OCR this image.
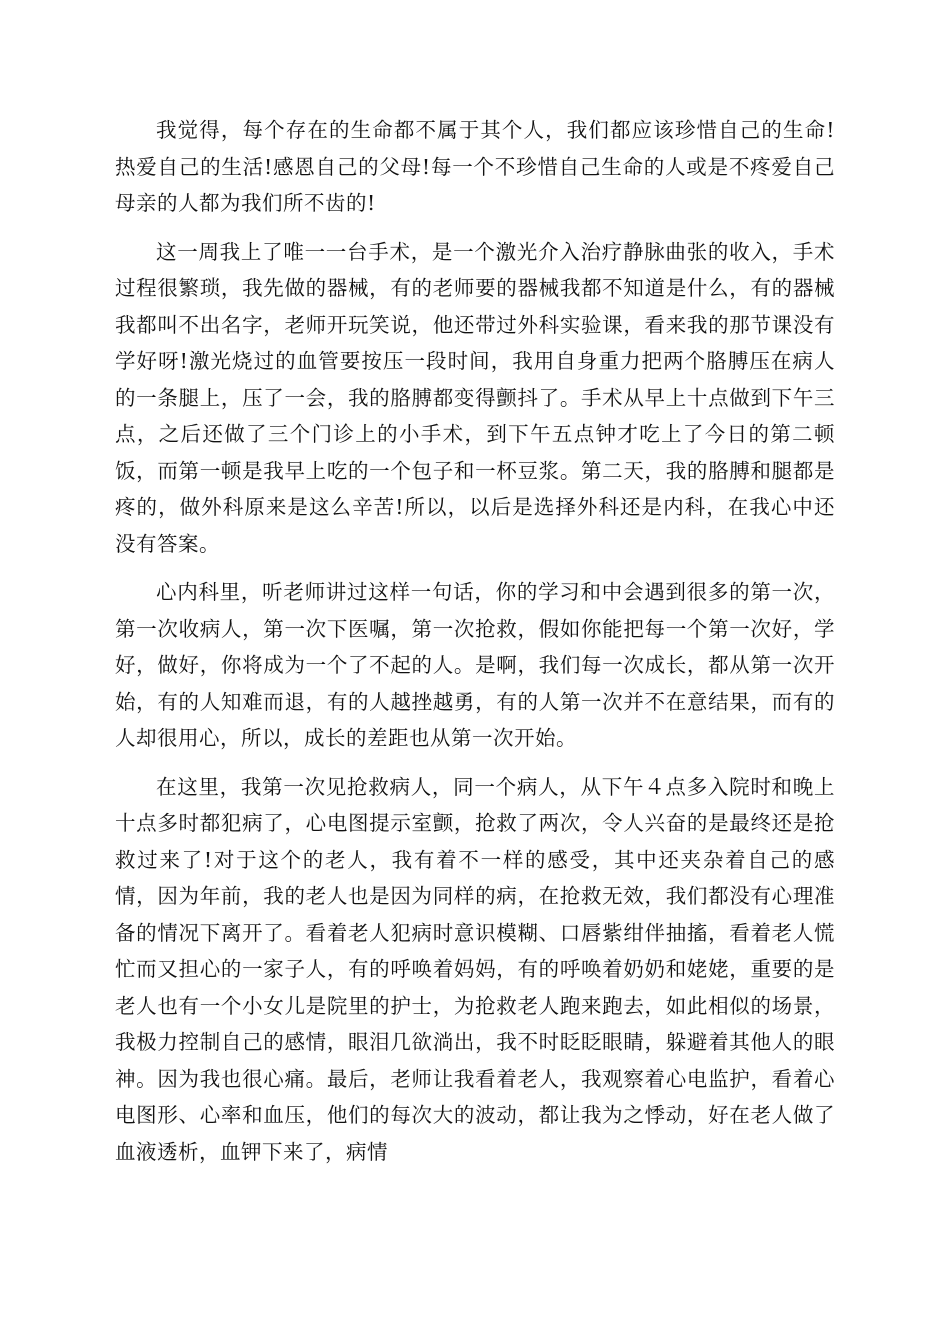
我觉得，每个存在的生命都不属于其个人，我们都应该珍惜自己的生命!热爱自己的生活!感恩自己的父母!每一个不珍惜自己生命的人或是不疼爱自己母亲的人都为我们所不齿的!

这一周我上了唯一一台手术，是一个激光介入治疗静脉曲张的收入，手术过程很繁琐，我先做的器械，有的老师要的器械我都不知道是什么，有的器械我都叫不出名字，老师开玩笑说，他还带过外科实验课，看来我的那节课没有学好呀!激光烧过的血管要按压一段时间，我用自身重力把两个胳膊压在病人的一条腿上，压了一会，我的胳膊都变得颤抖了。手术从早上十点做到下午三点，之后还做了三个门诊上的小手术，到下午五点钟才吃上了今日的第二顿饭，而第一顿是我早上吃的一个包子和一杯豆浆。第二天，我的胳膊和腿都是疼的，做外科原来是这么辛苦!所以，以后是选择外科还是内科，在我心中还没有答案。

心内科里，听老师讲过这样一句话，你的学习和中会遇到很多的第一次，第一次收病人，第一次下医嘱，第一次抢救，假如你能把每一个第一次好，学好，做好，你将成为一个了不起的人。是啊，我们每一次成长，都从第一次开始，有的人知难而退，有的人越挫越勇，有的人第一次并不在意结果，而有的人却很用心，所以，成长的差距也从第一次开始。

在这里，我第一次见抢救病人，同一个病人，从下午４点多入院时和晚上十点多时都犯病了，心电图提示室颤，抢救了两次，令人兴奋的是最终还是抢救过来了!对于这个的老人，我有着不一样的感受，其中还夹杂着自己的感情，因为年前，我的老人也是因为同样的病，在抢救无效，我们都没有心理准备的情况下离开了。看着老人犯病时意识模糊、口唇紫绀伴抽搐，看着老人慌忙而又担心的一家子人，有的呼唤着妈妈，有的呼唤着奶奶和姥姥，重要的是老人也有一个小女儿是院里的护士，为抢救老人跑来跑去，如此相似的场景，我极力控制自己的感情，眼泪几欲淌出，我不时眨眨眼睛，躲避着其他人的眼神。因为我也很心痛。最后，老师让我看着老人，我观察着心电监护，看着心电图形、心率和血压，他们的每次大的波动，都让我为之悸动，好在老人做了血液透析，血钾下来了，病情
